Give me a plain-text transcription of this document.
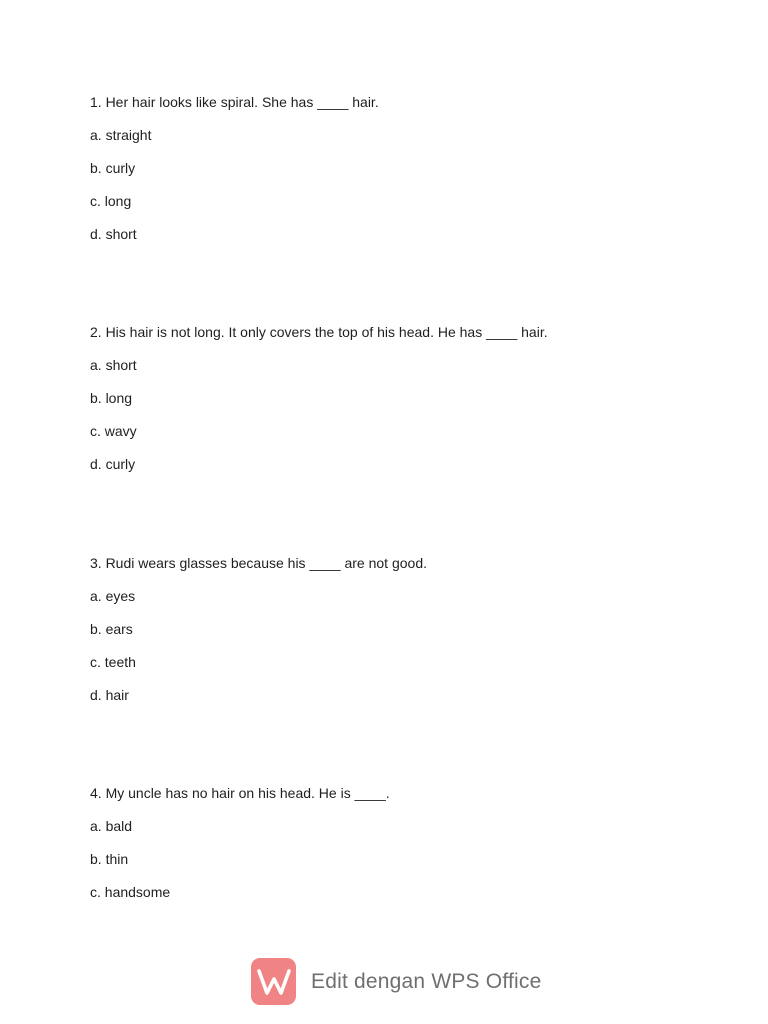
1. Her hair looks like spiral. She has ____ hair.
a. straight
b. curly
c. long
d. short
2. His hair is not long. It only covers the top of his head. He has ____ hair.
a. short
b. long
c. wavy
d. curly
3. Rudi wears glasses because his ____ are not good.
a. eyes
b. ears
c. teeth
d. hair
4. My uncle has no hair on his head. He is ____.
a. bald
b. thin
c. handsome
Edit dengan WPS Office
